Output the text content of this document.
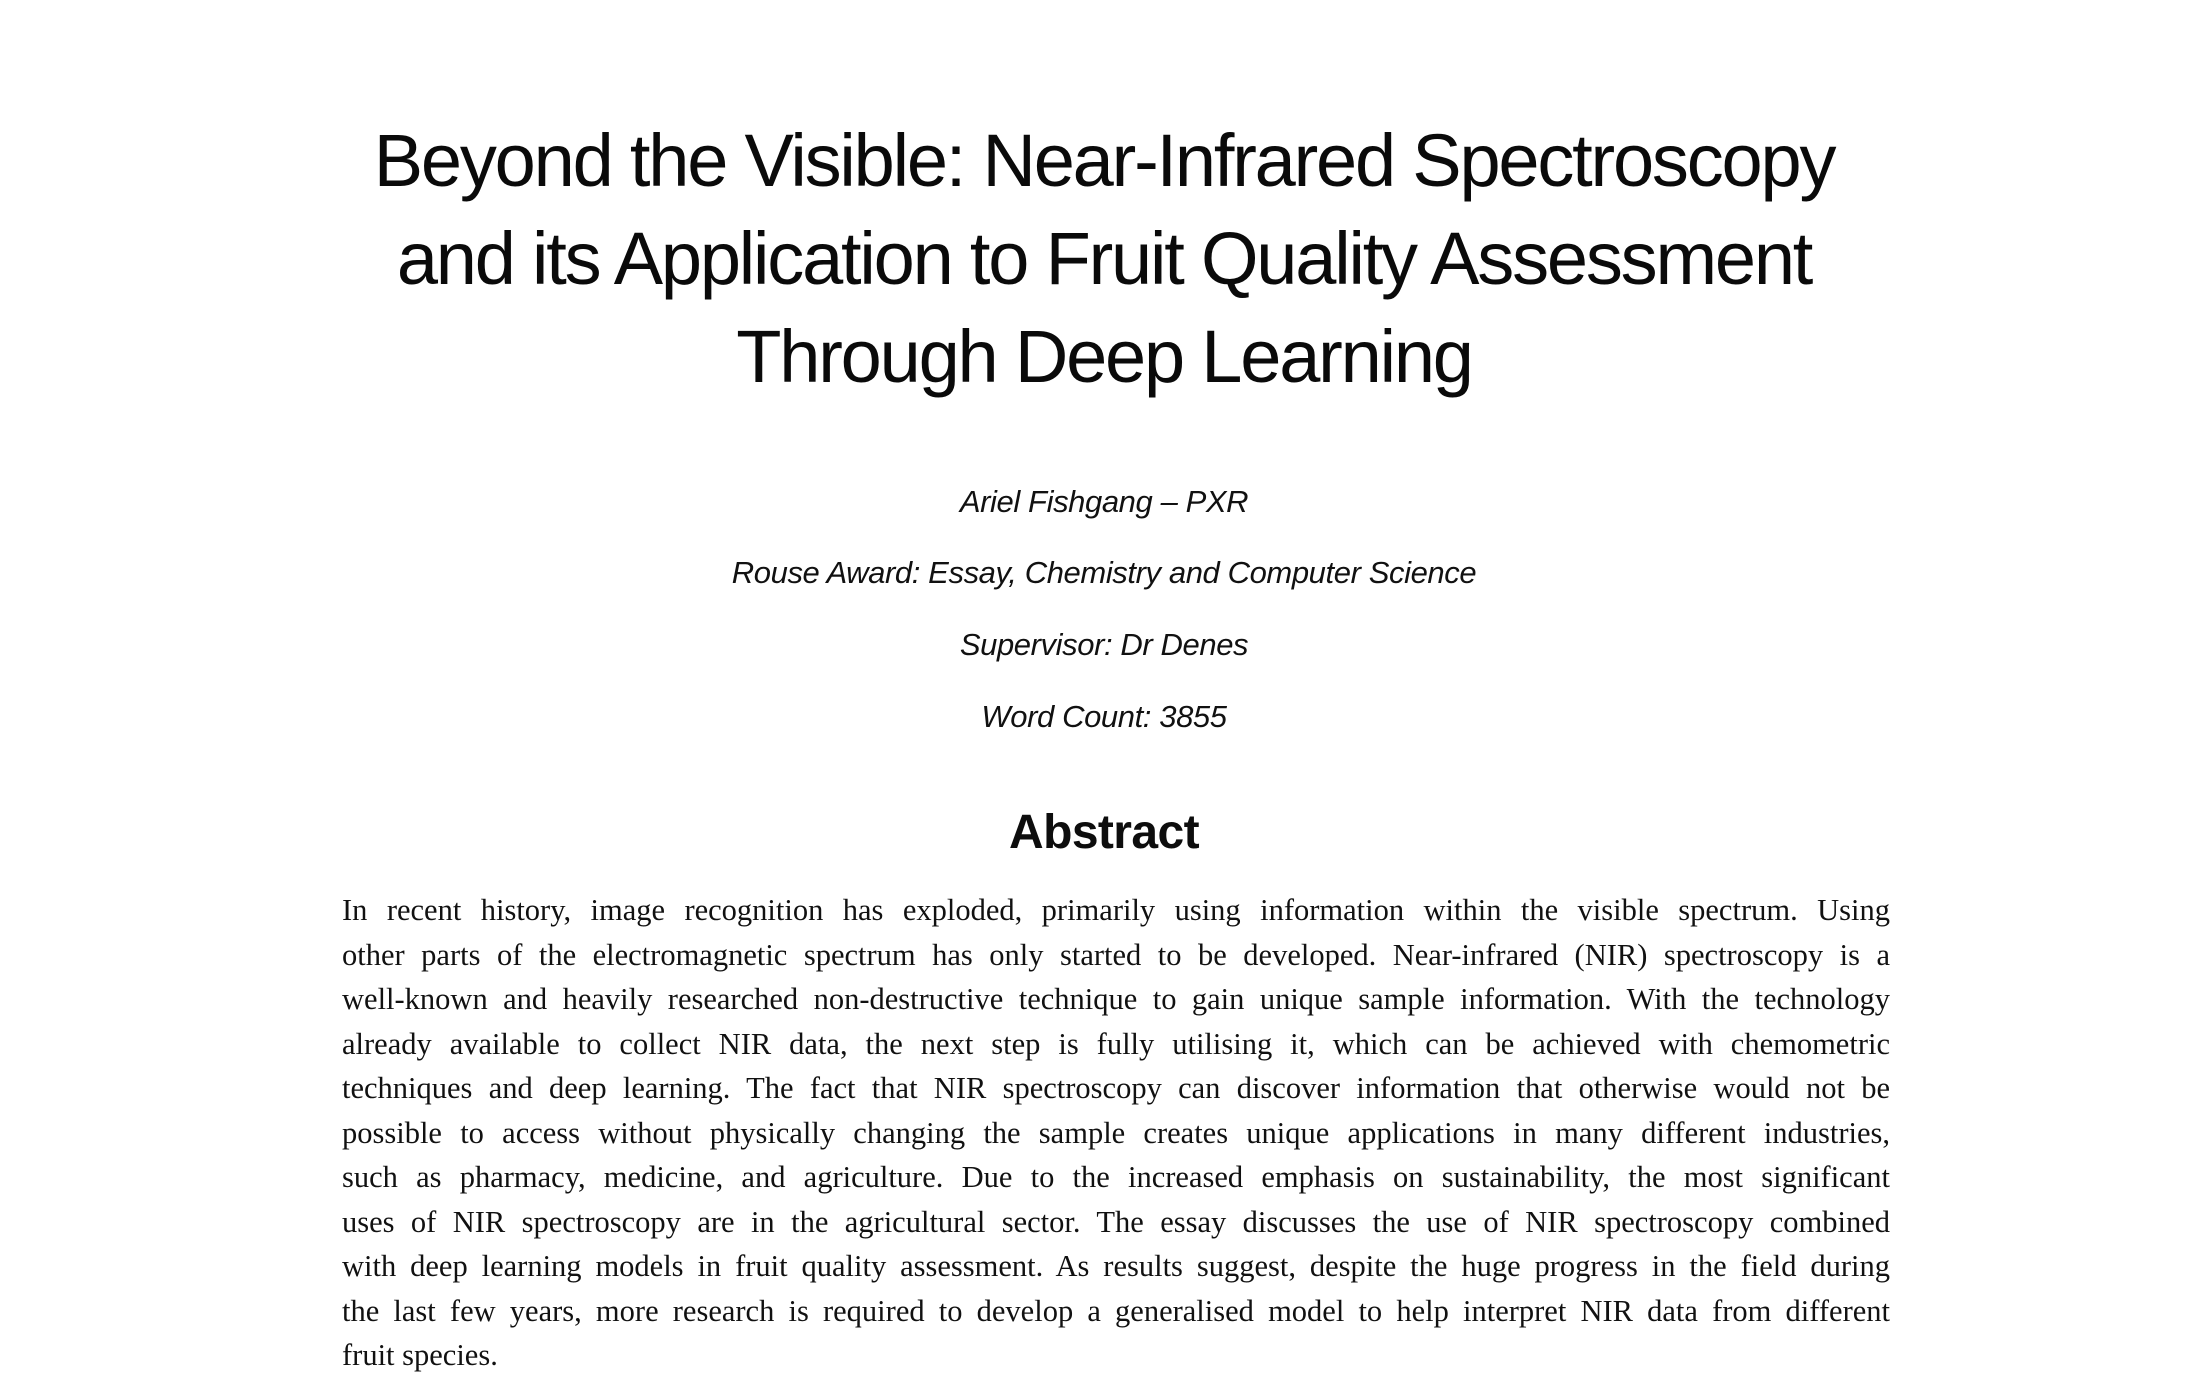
Beyond the Visible: Near-Infrared Spectroscopy
and its Application to Fruit Quality Assessment
Through Deep Learning

Ariel Fishgang – PXR

Rouse Award: Essay, Chemistry and Computer Science

Supervisor: Dr Denes

Word Count: 3855

Abstract
In recent history, image recognition has exploded, primarily using information within the visible spectrum. Using
other parts of the electromagnetic spectrum has only started to be developed. Near-infrared (NIR) spectroscopy is a
well-known and heavily researched non-destructive technique to gain unique sample information. With the technology
already available to collect NIR data, the next step is fully utilising it, which can be achieved with chemometric
techniques and deep learning. The fact that NIR spectroscopy can discover information that otherwise would not be
possible to access without physically changing the sample creates unique applications in many different industries,
such as pharmacy, medicine, and agriculture. Due to the increased emphasis on sustainability, the most significant
uses of NIR spectroscopy are in the agricultural sector. The essay discusses the use of NIR spectroscopy combined
with deep learning models in fruit quality assessment. As results suggest, despite the huge progress in the field during
the last few years, more research is required to develop a generalised model to help interpret NIR data from different
fruit species.
